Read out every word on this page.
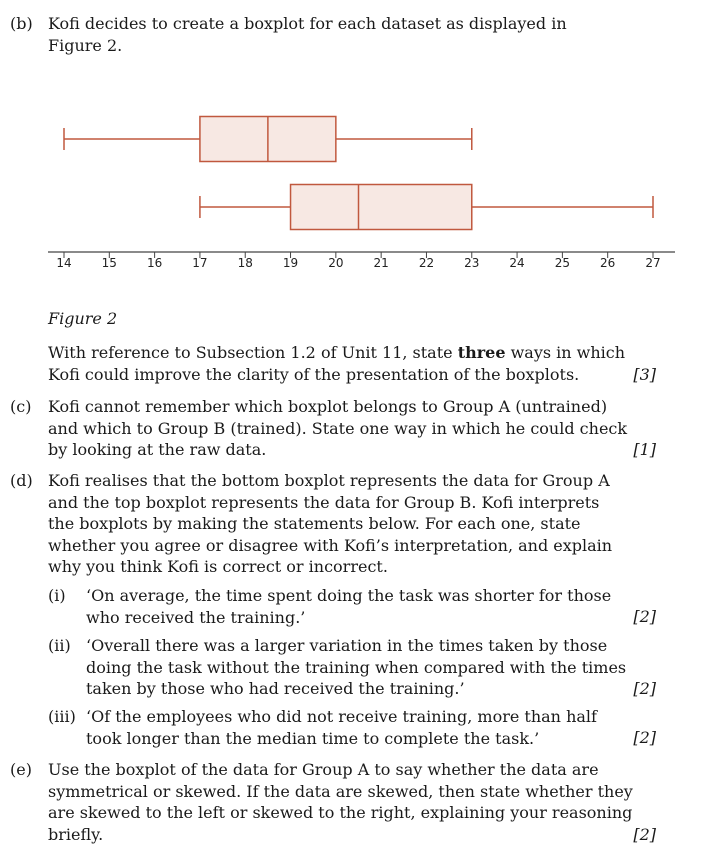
(b) Kofi decides to create a boxplot for each dataset as displayed in
Figure 2.
14	15	16	17	18	19	20	21	22	23	24	25	26	27
Figure 2
With reference to Subsection 1.2 of Unit 11, state three ways in which
Kofi could improve the clarity of the presentation of the boxplots.	[3]
(c) Kofi cannot remember which boxplot belongs to Group A (untrained)
and which to Group B (trained). State one way in which he could check
by looking at the raw data.	[1]
(d) Kofi realises that the bottom boxplot represents the data for Group A
and the top boxplot represents the data for Group B. Kofi interprets
the boxplots by making the statements below. For each one, state
whether you agree or disagree with Kofi’s interpretation, and explain
why you think Kofi is correct or incorrect.
(i) ‘On average, the time spent doing the task was shorter for those
who received the training.’	[2]
(ii) ‘Overall there was a larger variation in the times taken by those
doing the task without the training when compared with the times
taken by those who had received the training.’	[2]
(iii) ‘Of the employees who did not receive training, more than half
took longer than the median time to complete the task.’	[2]
(e) Use the boxplot of the data for Group A to say whether the data are
symmetrical or skewed. If the data are skewed, then state whether they
are skewed to the left or skewed to the right, explaining your reasoning
briefly.	[2]
